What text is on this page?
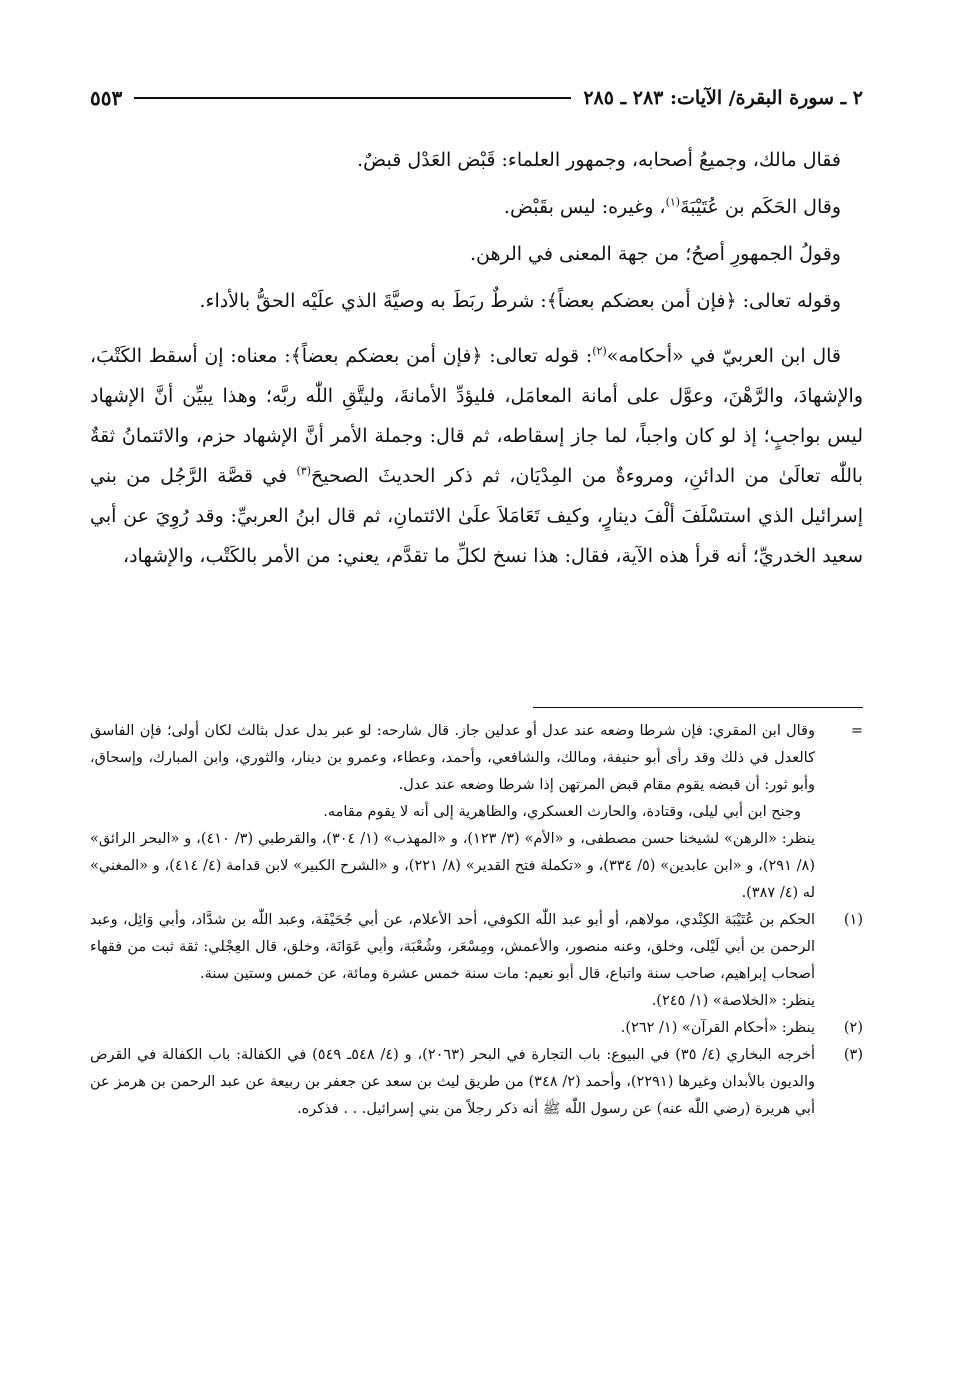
٢ ـ سورة البقرة/ الآيات: ٢٨٣ ـ ٢٨٥
٥٥٣

فقال مالك، وجميعُ أصحابه، وجمهور العلماء: قَبْض العَدْل قبضٌ.

وقال الحَكَم بن عُتَيْبَةَ$^{(١)}$، وغيره: ليس بقَبْض.

وقولُ الجمهورِ أصحُ؛ من جهة المعنى في الرهن.

وقوله تعالى: ﴿فإن أمن بعضكم بعضاً﴾: شرطٌ ربَطَ به وصيَّةَ الذي علَيْه الحقُّ بالأداء.

قال ابن العربيّ في «أحكامه»$^{(٢)}$: قوله تعالى: ﴿فإن أمن بعضكم بعضاً﴾: معناه: إن أسقط الكَتْبَ، والإشهادَ، والرَّهْنَ، وعوَّل على أمانة المعامَل، فليؤدِّ الأمانةَ، وليتَّقِ اللّٰه ربَّه؛ وهذا يبيِّن أنَّ الإشهاد ليس بواجبٍ؛ إذ لو كان واجباً، لما جاز إسقاطه، ثم قال: وجملة الأمر أنَّ الإشهاد حزم، والائتمانُ ثقةٌ باللّٰه تعالَىٰ من الدائنِ، ومروءةٌ من المِدْيَان، ثم ذكر الحديثَ الصحيحَ$^{(٣)}$ في قصَّة الرَّجُل من بني إسرائيل الذي استسْلَفَ ألْفَ دينارٍ، وكيف تَعَامَلاَ علَىٰ الائتمانِ، ثم قال ابنُ العربيِّ: وقد رُوِيَ عن أبي سعيد الخدريِّ؛ أنه قرأ هذه الآية، فقال: هذا نسخ لكلِّ ما تقدَّم، يعني: من الأمر بالكَتْب، والإشهاد،

=

وقال ابن المقري: فإن شرطا وضعه عند عدل أو عدلين جاز. قال شارحه: لو عبر بدل عدل بثالث لكان أولى؛ فإن الفاسق كالعدل في ذلك وقد رأى أبو حنيفة، ومالك، والشافعي، وأحمد، وعطاء، وعمرو بن دينار، والثوري، وابن المبارك، وإسحاق، وأبو ثور: أن قبضه يقوم مقام قبض المرتهن إذا شرطا وضعه عند عدل.

وجنح ابن أبي ليلى، وقتادة، والحارث العسكري، والظاهرية إلى أنه لا يقوم مقامه.

ينظر: «الرهن» لشيخنا حسن مصطفى، و «الأم» (٣/ ١٢٣)، و «المهذب» (١/ ٣٠٤)، والقرطبي (٣/ ٤١٠)، و «البحر الرائق» (٨/ ٢٩١)، و «ابن عابدين» (٥/ ٣٣٤)، و «تكملة فتح القدير» (٨/ ٢٢١)، و «الشرح الكبير» لابن قدامة (٤/ ٤١٤)، و «المغني» له (٤/ ٣٨٧).

(١)

الحكم بن عُتَيْبَة الكِنْدي، مولاهم، أو أبو عبد اللّٰه الكوفي، أحد الأعلام، عن أبي جُحَيْفَة، وعبد اللّٰه بن شدَّاد، وأبي وَائِل، وعبد الرحمن بن أبي لَيْلى، وخلق، وعنه منصور، والأعمش، ومِسْعَر، وشُعْبَة، وأبي عَوَانَة، وخلق، قال العِجْلي: ثقة ثبت من فقهاء أصحاب إبراهيم، صاحب سنة واتباع، قال أبو نعيم: مات سنة خمس عشرة ومائة، عن خمس وستين سنة.

ينظر: «الخلاصة» (١/ ٢٤٥).

(٢)

ينظر: «أحكام القرآن» (١/ ٢٦٢).

(٣)

أخرجه البخاري (٤/ ٣٥) في البيوع: باب التجارة في البحر (٢٠٦٣)، و (٤/ ٥٤٨ـ ٥٤٩) في الكفالة: باب الكفالة في القرض والديون بالأبدان وغيرها (٢٢٩١)، وأحمد (٢/ ٣٤٨) من طريق ليث بن سعد عن جعفر بن ربيعة عن عبد الرحمن بن هرمز عن أبي هريرة (رضي اللّٰه عنه) عن رسول اللّٰه ﷺ أنه ذكر رجلاً من بني إسرائيل. . . فذكره.
